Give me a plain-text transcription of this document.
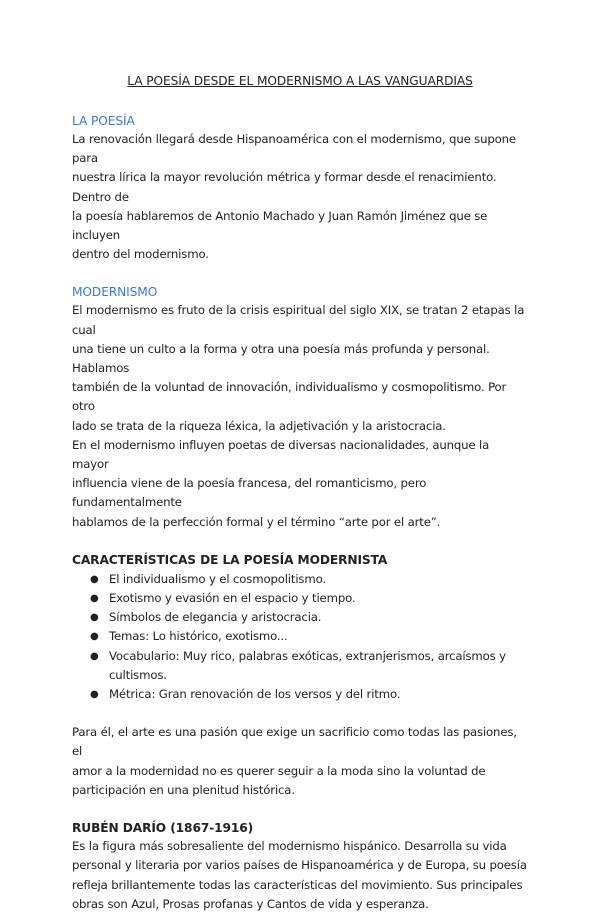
LA POESÍA DESDE EL MODERNISMO A LAS VANGUARDIAS
LA POESÍA

La renovación llegará desde Hispanoamérica con el modernismo, que supone para
nuestra lírica la mayor revolución métrica y formar desde el renacimiento. Dentro de
la poesía hablaremos de Antonio Machado y Juan Ramón Jiménez que se incluyen
dentro del modernismo.

MODERNISMO

El modernismo es fruto de la crisis espiritual del siglo XIX, se tratan 2 etapas la cual
una tiene un culto a la forma y otra una poesía más profunda y personal. Hablamos
también de la voluntad de innovación, individualismo y cosmopolitismo. Por otro
lado se trata de la riqueza léxica, la adjetivación y la aristocracia.
En el modernismo influyen poetas de diversas nacionalidades, aunque la mayor
influencia viene de la poesía francesa, del romanticismo, pero fundamentalmente
hablamos de la perfección formal y el término “arte por el arte”.

CARACTERÍSTICAS DE LA POESÍA MODERNISTA
● El individualismo y el cosmopolitismo.
● Exotismo y evasión en el espacio y tiempo.
● Símbolos de elegancia y aristocracia.
● Temas: Lo histórico, exotismo...
● Vocabulario: Muy rico, palabras exóticas, extranjerismos, arcaísmos y
cultismos.
● Métrica: Gran renovación de los versos y del ritmo.

Para él, el arte es una pasión que exige un sacrificio como todas las pasiones, el
amor a la modernidad no es querer seguir a la moda sino la voluntad de
participación en una plenitud histórica.

RUBÉN DARÍO (1867-1916)

Es la figura más sobresaliente del modernismo hispánico. Desarrolla su vida
personal y literaria por varios países de Hispanoamérica y de Europa, su poesía
refleja brillantemente todas las características del movimiento. Sus principales
obras son Azul, Prosas profanas y Cantos de vida y esperanza.
